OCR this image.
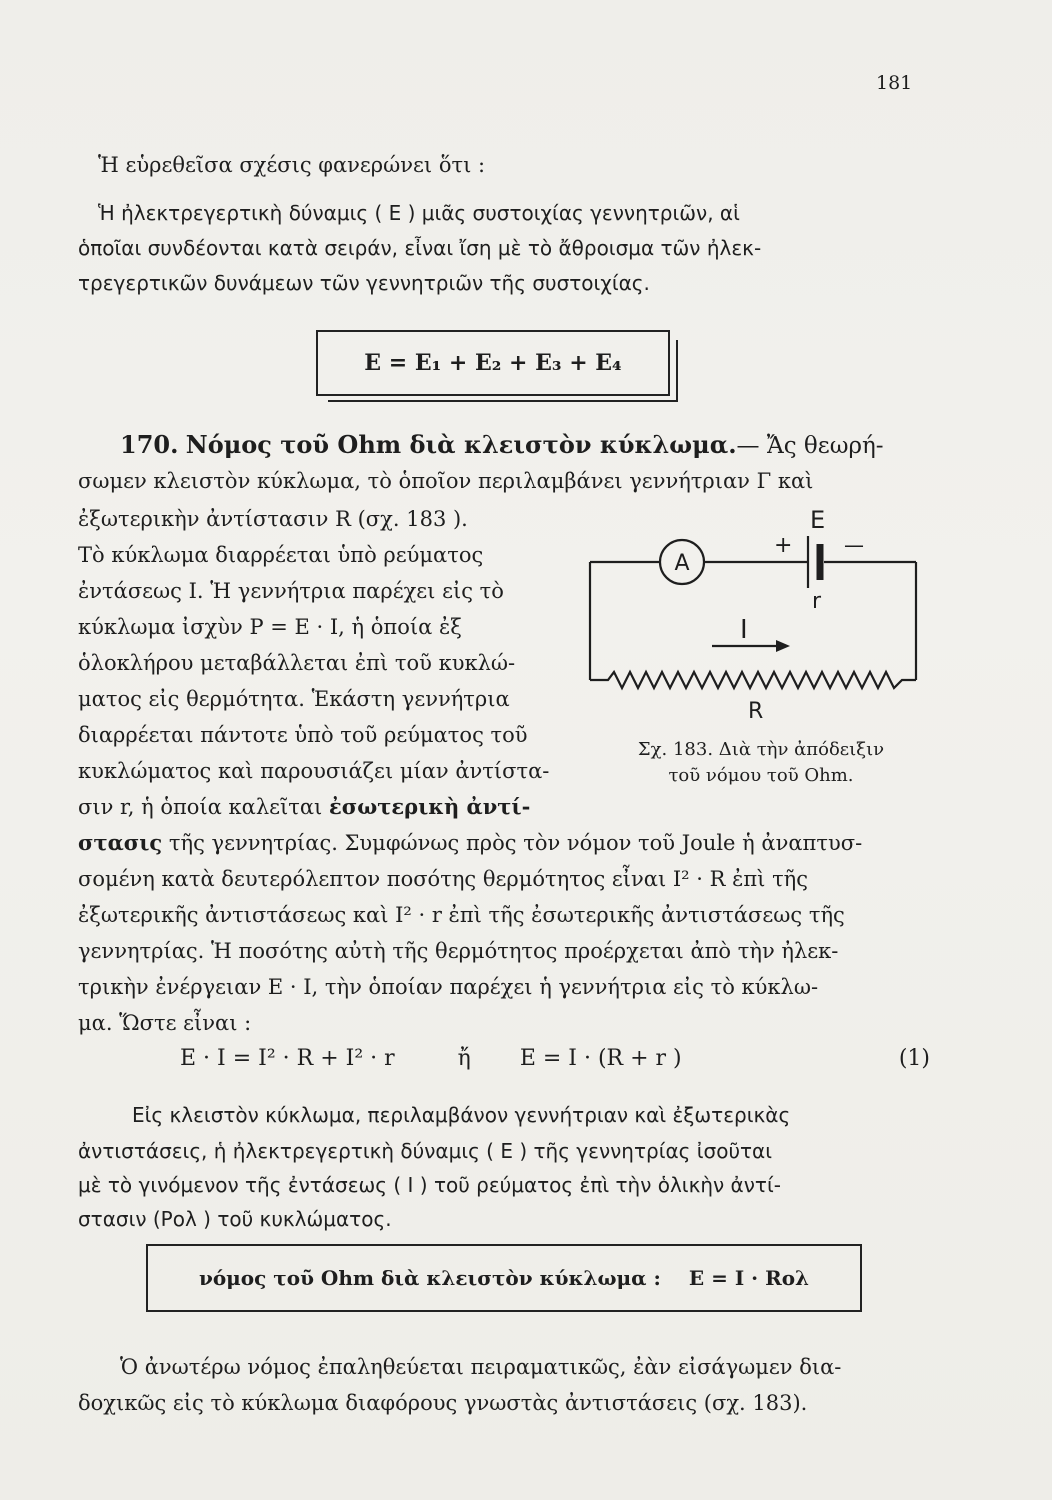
181
Ἡ εὑρεθεῖσα σχέσις φανερώνει ὅτι :
Ἡ ἠλεκτρεγερτικὴ δύναμις ( Ε ) μιᾶς συστοιχίας γεννητριῶν, αἱ
ὁποῖαι συνδέονται κατὰ σειράν, εἶναι ἴση μὲ τὸ ἄθροισμα τῶν ἠλεκ-
τρεγερτικῶν δυνάμεων τῶν γεννητριῶν τῆς συστοιχίας.
E = E₁ + E₂ + E₃ + E₄
170. Νόμος τοῦ Ohm διὰ κλειστὸν κύκλωμα.— Ἄς θεωρή-
σωμεν κλειστὸν κύκλωμα, τὸ ὁποῖον περιλαμβάνει γεννήτριαν Γ καὶ
ἐξωτερικὴν ἀντίστασιν R (σχ. 183 ).
Τὸ κύκλωμα διαρρέεται ὑπὸ ρεύματος
ἐντάσεως Ι. Ἡ γεννήτρια παρέχει εἰς τὸ
κύκλωμα ἰσχὺν Ρ = Ε · Ι, ἡ ὁποία ἐξ
ὁλοκλήρου μεταβάλλεται ἐπὶ τοῦ κυκλώ-
ματος εἰς θερμότητα. Ἑκάστη γεννήτρια
διαρρέεται πάντοτε ὑπὸ τοῦ ρεύματος τοῦ
κυκλώματος καὶ παρουσιάζει μίαν ἀντίστα-
σιν r, ἡ ὁποία καλεῖται ἐσωτερικὴ ἀντί-
στασις τῆς γεννητρίας. Συμφώνως πρὸς τὸν νόμον τοῦ Joule ἡ ἀναπτυσ-
σομένη κατὰ δευτερόλεπτον ποσότης θερμότητος εἶναι Ι² · R ἐπὶ τῆς
ἐξωτερικῆς ἀντιστάσεως καὶ Ι² · r ἐπὶ τῆς ἐσωτερικῆς ἀντιστάσεως τῆς
γεννητρίας. Ἡ ποσότης αὐτὴ τῆς θερμότητος προέρχεται ἀπὸ τὴν ἠλεκ-
τρικὴν ἐνέργειαν Ε · Ι, τὴν ὁποίαν παρέχει ἡ γεννήτρια εἰς τὸ κύκλω-
μα. Ὥστε εἶναι :
Ε · Ι = Ι² · R + Ι² · r	ἤ Ε = Ι · (R + r )	(1)
Εἰς κλειστὸν κύκλωμα, περιλαμβάνον γεννήτριαν καὶ ἐξωτερικὰς
ἀντιστάσεις, ἡ ἠλεκτρεγερτικὴ δύναμις ( Ε ) τῆς γεννητρίας ἰσοῦται
μὲ τὸ γινόμενον τῆς ἐντάσεως ( Ι ) τοῦ ρεύματος ἐπὶ τὴν ὁλικὴν ἀντί-
στασιν (Ρολ ) τοῦ κυκλώματος.
νόμος τοῦ Ohm διὰ κλειστὸν κύκλωμα : E = I · Rολ
Ὁ ἀνωτέρω νόμος ἐπαληθεύεται πειραματικῶς, ἐὰν εἰσάγωμεν δια-
δοχικῶς εἰς τὸ κύκλωμα διαφόρους γνωστὰς ἀντιστάσεις (σχ. 183).
A
E
+	—
r
I
R
Σχ. 183. Διὰ τὴν ἀπόδειξιν
τοῦ νόμου τοῦ Ohm.
